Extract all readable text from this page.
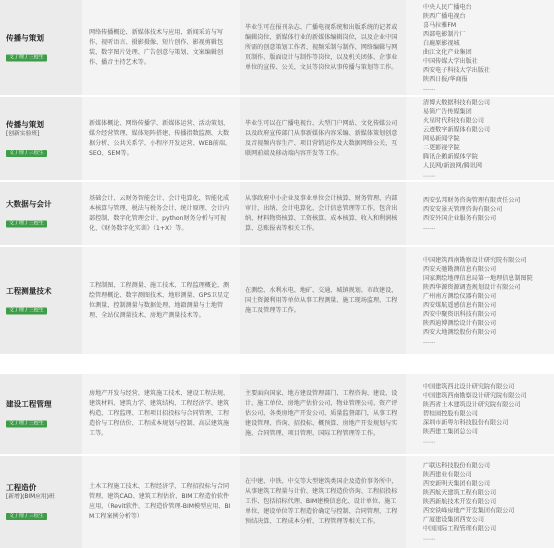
传播与策划
文 / 理 / 三校生
网络传播概论、新媒体技术与应用、新闻采访与写作、视听语言、摄影摄像、短片创作、影视剪辑包装、数字图片处理、广告创意与策划、文案编辑创作、播音主持艺术等。
毕业生可在报刊杂志、广播电视系统和出版系统的记者或编辑岗位、新媒体行业的新媒体编辑岗位，以及企业中国所需的创意策划工作者、视频采制与制作、网络编辑与网页制作、版面设计与制作等岗位，以及机关团体、企事业单位的宣传、公关、文员等岗位从事传播与策划等工作。
中央人民广播电台
陕西广播电视台
喜马拉雅FM
西部电影制片厂
白鹿原影视城
曲江文化产业集团
中国传媒大学出版社
西安电子科技大学出版社
陕西日报/华商报
……
传播与策划
[创新实验班]
文 / 理 / 三校生
新媒体概论、网络传播学、新媒体运营、活动策划、媒介经营管理、媒体矩阵搭建、传播指数监测、大数据分析、公共关系学、小程序开发运营、WEB前端、SEO、SEM等。
毕业生可以在广播电视台、大型门户网站、文化传媒公司以及政府宣传部门从事新媒体内容采编、新媒体策划创意及音视频内容生产、项目营销运作及大数据网络公关、互联网前端及移动端内容开发等工作。
清博大数据科技有限公司
易简广告传媒集团
火星时代科技有限公司
云迹数字新媒体有限公司
网易新闻学院
二更影视学院
腾讯企鹅新媒体学院
人民网/新浪网/腾讯网
……
大数据与会计
文 / 理 / 三校生
基础会计、云财务智能会计、会计电算化、智能化成本核算与管理、税法与税务会计、统计原理、会计内部控制、数字化管理会计、python财务分析与可视化、《财务数字化实训》（1+X）等。
从事政府中小企业及事业单位会计核算、财务管理、内部审计、出纳、会计电算化、会计信息管理等工作，包含出纳、材料物资核算、工资核算、成本核算、收入和利润核算、总账报表等相关工作。
西安弘邦财务咨询管理有限责任公司
西安安景天管理咨询有限公司
西安外国企业服务有限公司
……
工程测量技术
文 / 理 / 三校生
工程制图、工程测量、施工技术、工程监理概论、测绘管理概论、数字测图技术、地形测量、GPS卫星定位测量、控制测量与数据处理、地籍测量与土地管理、全站仪测量技术、房地产测量技术等。
在测绘、水利水电、地矿、交通、城镇规划、市政建设、国土资源利用等单位从事工程测量、施工现场监理、工程施工及管理等工作。
中国建筑西南勘察设计研究院有限公司
西安天驰勘测信息有限公司
国家测绘地理信息局第一地理信息制图院
陕西华源资源调查规划设计有限公司
广州南方测绘仪器有限公司
西安煤航遥感信息有限公司
西安中聚资讯科技有限公司
陕西迪博测绘设计有限公司
西安大地测绘股份有限公司
……
建设工程管理
文 / 理 / 三校生
房地产开发与经营、建筑施工技术、建设工程法规、建筑材料、建筑力学、建筑结构、工程经济学、建筑构造、工程监理、工程项目招投标与合同管理、工程造价与工程估价、工程成本规划与控制、高层建筑施工等。
主要面向国家、地方建设管理部门、工程咨询、建设、设计、施工单位、房地产估价公司、物业管理公司、资产评估公司、各类房地产开发公司、质量监督部门，从事工程建设管理、咨询、招投标、概预算、房地产开发规划与实施、合同管理、项目管理、国际工程管理等工作。
中国建筑西北设计研究院有限公司
中国建筑西南勘察设计研究院有限公司
陕西省土木建筑设计研究院有限公司
碧桂园控股有限公司
深圳市新粤尔科技股份有限公司
陕西建工集团总公司
……
工程造价
[新增](BIM应用)班
文 / 理 / 三校生
土木工程施工技术、工程经济学、工程招投标与合同管理、建筑CAD、建筑工程估价、BIM工程造价软件应用、（Revit软件、工程造价管理-BIM模型应用、BIM工程案例分析等）
在中建、中铁、中交等大型建筑类国企及造价事务所中，从事建筑工程量与计价、建筑工程造价咨询、工程招投标工作、包括招标代理、BIM建模信息化、设计单位、施工单位、建设单位等工程造价确定与控制、合同管理、工程预结决算、工程成本分析、工程管理等相关工作。
广联达科技股份有限公司
陕西建业有限公司
西安新明天集团有限公司
陕西航天建筑工程有限公司
陕西新航技术开发有限公司
西安铁峰房地产开发集团有限公司
广厦建设集团西安公司
中国国际工程管理有限公司
……
